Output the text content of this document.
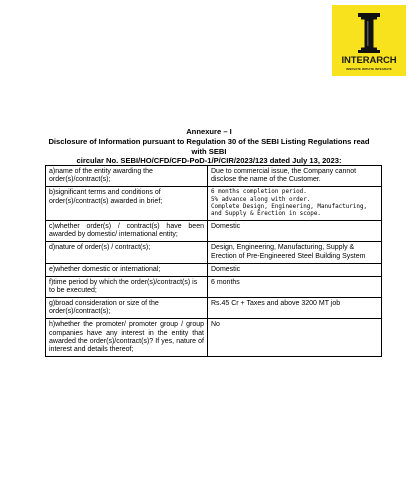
INTERARCH
INNOVATE INITIATE INTEGRATE
Annexure – I
Disclosure of Information pursuant to Regulation 30 of the SEBI Listing Regulations read with SEBI
circular No. SEBI/HO/CFD/CFD-PoD-1/P/CIR/2023/123 dated July 13, 2023:
a)name of the entity awarding the order(s)/contract(s);	Due to commercial issue, the Company cannot disclose the name of the Customer.
b)significant terms and conditions of order(s)/contract(s) awarded in brief;	6 months completion period.
5% advance along with order.
Complete Design, Engineering, Manufacturing, and Supply & Erection in scope.

c)whether order(s) / contract(s) have been awarded by domestic/ international entity;	Domestic
d)nature of order(s) / contract(s);	Design, Engineering, Manufacturing, Supply & Erection of Pre-Engineered Steel Building System
e)whether domestic or international;	Domestic
f)time period by which the order(s)/contract(s) is to be executed;	6 months
g)broad consideration or size of the order(s)/contract(s);	Rs.45 Cr + Taxes and above 3200 MT job
h)whether the promoter/ promoter group / group companies have any interest in the entity that awarded the order(s)/contract(s)? If yes, nature of interest and details thereof;	No
